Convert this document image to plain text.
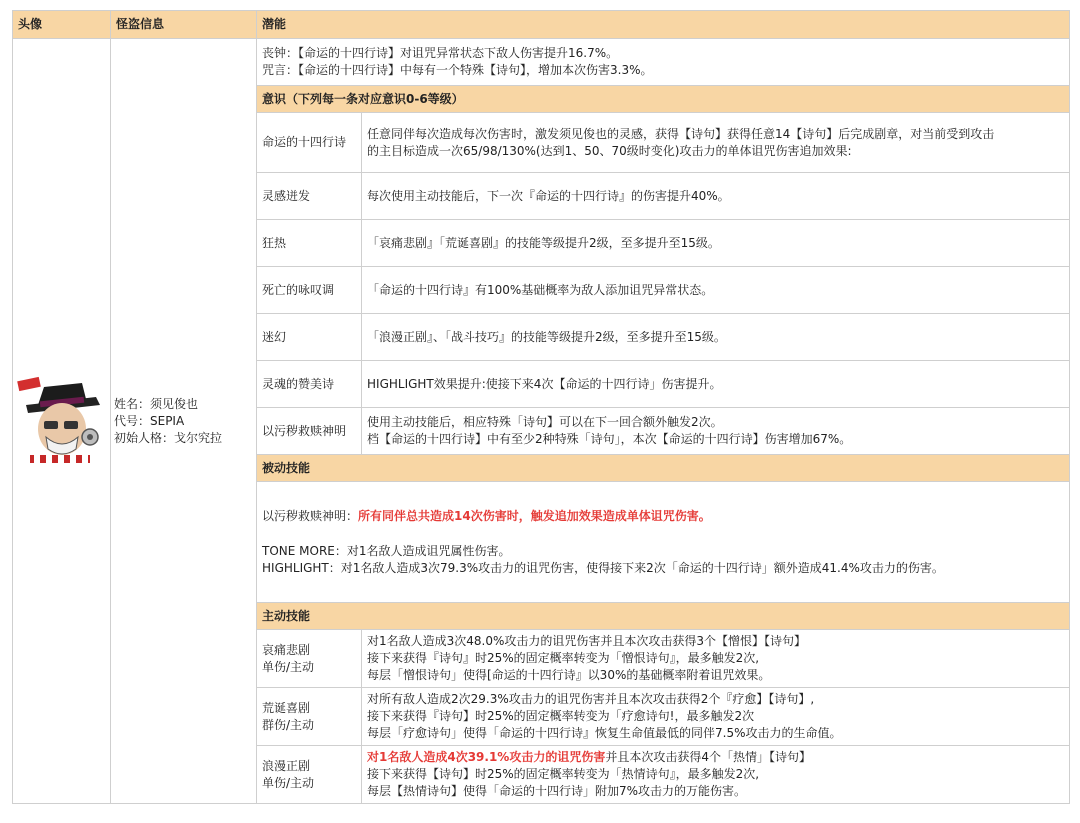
头像	怪盗信息	潜能	

姓名：须见俊也
代号：SEPIA
初始人格：戈尔究拉	丧钟：【命运的十四行诗】对诅咒异常状态下敌人伤害提升16.7%。
咒言：【命运的十四行诗】中每有一个特殊【诗句】，增加本次伤害3.3%。	

		意识（下列每一条对应意识0-6等级）	
		命运的十四行诗	任意同伴每次造成每次伤害时，激发须见俊也的灵感，获得【诗句】获得任意14【诗句】后完成剧章，对当前受到攻击
的主目标造成一次65/98/130%(达到1、50、70级时变化)攻击力的单体诅咒伤害追加效果:

		灵感迸发	每次使用主动技能后，下一次『命运的十四行诗』的伤害提升40%。
		狂热	「哀痛悲剧』「荒诞喜剧』的技能等级提升2级，至多提升至15级。
		死亡的咏叹调	「命运的十四行诗』有100%基础概率为敌人添加诅咒异常状态。
		迷幻	「浪漫正剧』、「战斗技巧』的技能等级提升2级，至多提升至15级。
		灵魂的赞美诗	HIGHLIGHT效果提升:使接下来4次【命运的十四行诗」伤害提升。
		以污秽救赎神明	使用主动技能后，相应特殊「诗句】可以在下一回合额外触发2次。
档【命运的十四行诗】中有至少2种特殊「诗句」，本次【命运的十四行诗】伤害增加67%。

		被动技能	

		以污秽救赎神明：所有同伴总共造成14次伤害时，触发追加效果造成单体诅咒伤害。

TONE MORE：对1名敌人造成诅咒属性伤害。

HIGHLIGHT：对1名敌人造成3次79.3%攻击力的诅咒伤害，使得接下来2次「命运的十四行诗」额外造成41.4%攻击力的伤害。	

		主动技能	

		哀痛悲剧
单伤/主动	对1名敌人造成3次48.0%攻击力的诅咒伤害并且本次攻击获得3个【憎恨】【诗句】
接下来获得『诗句』时25%的固定概率转变为「憎恨诗句』，最多触发2次,
每层「憎恨诗句」使得[命运的十四行诗』以30%的基础概率附着诅咒效果。

		荒诞喜剧
群伤/主动	对所有敌人造成2次29.3%攻击力的诅咒伤害并且本次攻击获得2个『疗愈】【诗句】,
接下来获得『诗句】时25%的固定概率转变为「疗愈诗句!，最多触发2次
每层「疗愈诗句」使得「命运的十四行诗』恢复生命值最低的同伴7.5%攻击力的生命值。

		浪漫正剧
单伤/主动	对1名敌人造成4次39.1%攻击力的诅咒伤害并且本次攻击获得4个「热情」【诗句】
接下来获得【诗句】时25%的固定概率转变为「热情诗句』，最多触发2次,
每层【热情诗句】使得「命运的十四行诗」附加7%攻击力的万能伤害。
